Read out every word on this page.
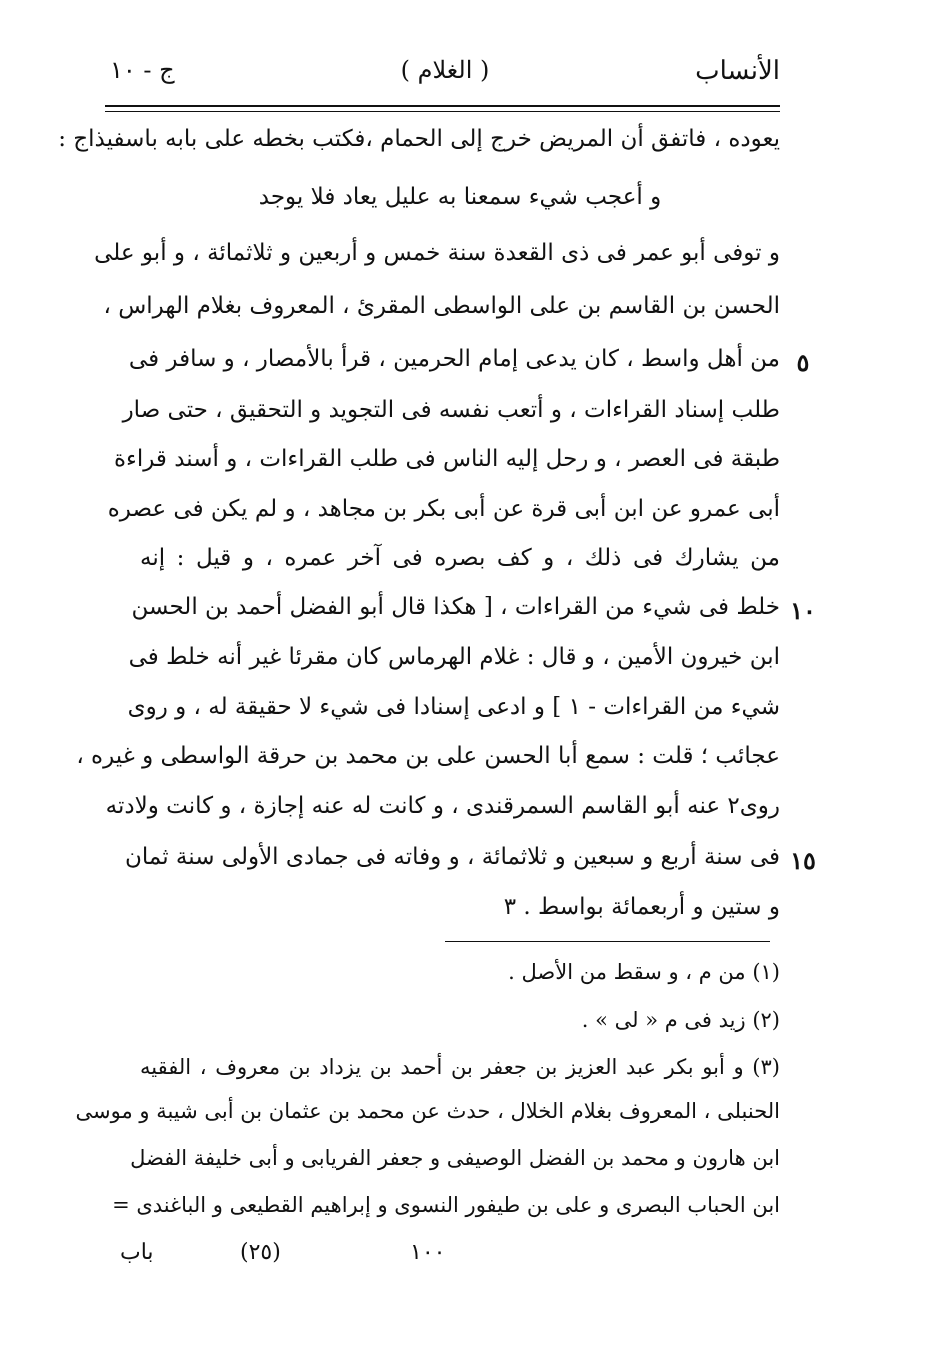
الأنساب
( الغلام )
ج - ١٠
يعوده ، فاتفق أن المريض خرج إلى الحمام ،فكتب بخطه على بابه باسفيذاج :
و أعجب شيء سمعنا به عليل يعاد فلا يوجد
و توفى أبو عمر فى ذى القعدة سنة خمس و أربعين و ثلاثمائة ، و أبو على
الحسن بن القاسم بن على الواسطى المقرئ ، المعروف بغلام الهراس ،
من أهل واسط ، كان يدعى إمام الحرمين ، قرأ بالأمصار ، و سافر فى
طلب إسناد القراءات ، و أتعب نفسه فى التجويد و التحقيق ، حتى صار
طبقة فى العصر ، و رحل إليه الناس فى طلب القراءات ، و أسند قراءة
أبى عمرو عن ابن أبى قرة عن أبى بكر بن مجاهد ، و لم يكن فى عصره
من يشارك فى ذلك ، و كف بصره فى آخر عمره ، و قيل : إنه
خلط فى شيء من القراءات ، [ هكذا قال أبو الفضل أحمد بن الحسن
ابن خيرون الأمين ، و قال : غلام الهرماس كان مقرئا غير أنه خلط فى
شيء من القراءات - ١ ] و ادعى إسنادا فى شيء لا حقيقة له ، و روى
عجائب ؛ قلت : سمع أبا الحسن على بن محمد بن حرقة الواسطى و غيره ،
روى٢ عنه أبو القاسم السمرقندى ، و كانت له عنه إجازة ، و كانت ولادته
فى سنة أربع و سبعين و ثلاثمائة ، و وفاته فى جمادى الأولى سنة ثمان
و ستين و أربعمائة بواسط . ٣
٥
١٠
١٥
(١) من م ، و سقط من الأصل .
(٢) زيد فى م « لى » .
(٣) و أبو بكر عبد العزيز بن جعفر بن أحمد بن يزداد بن معروف ، الفقيه
الحنبلى ، المعروف بغلام الخلال ، حدث عن محمد بن عثمان بن أبى شيبة و موسى
ابن هارون و محمد بن الفضل الوصيفى و جعفر الفريابى و أبى خليفة الفضل
ابن الحباب البصرى و على بن طيفور النسوى و إبراهيم القطيعى و الباغندى =
١٠٠
(٢٥)
باب
